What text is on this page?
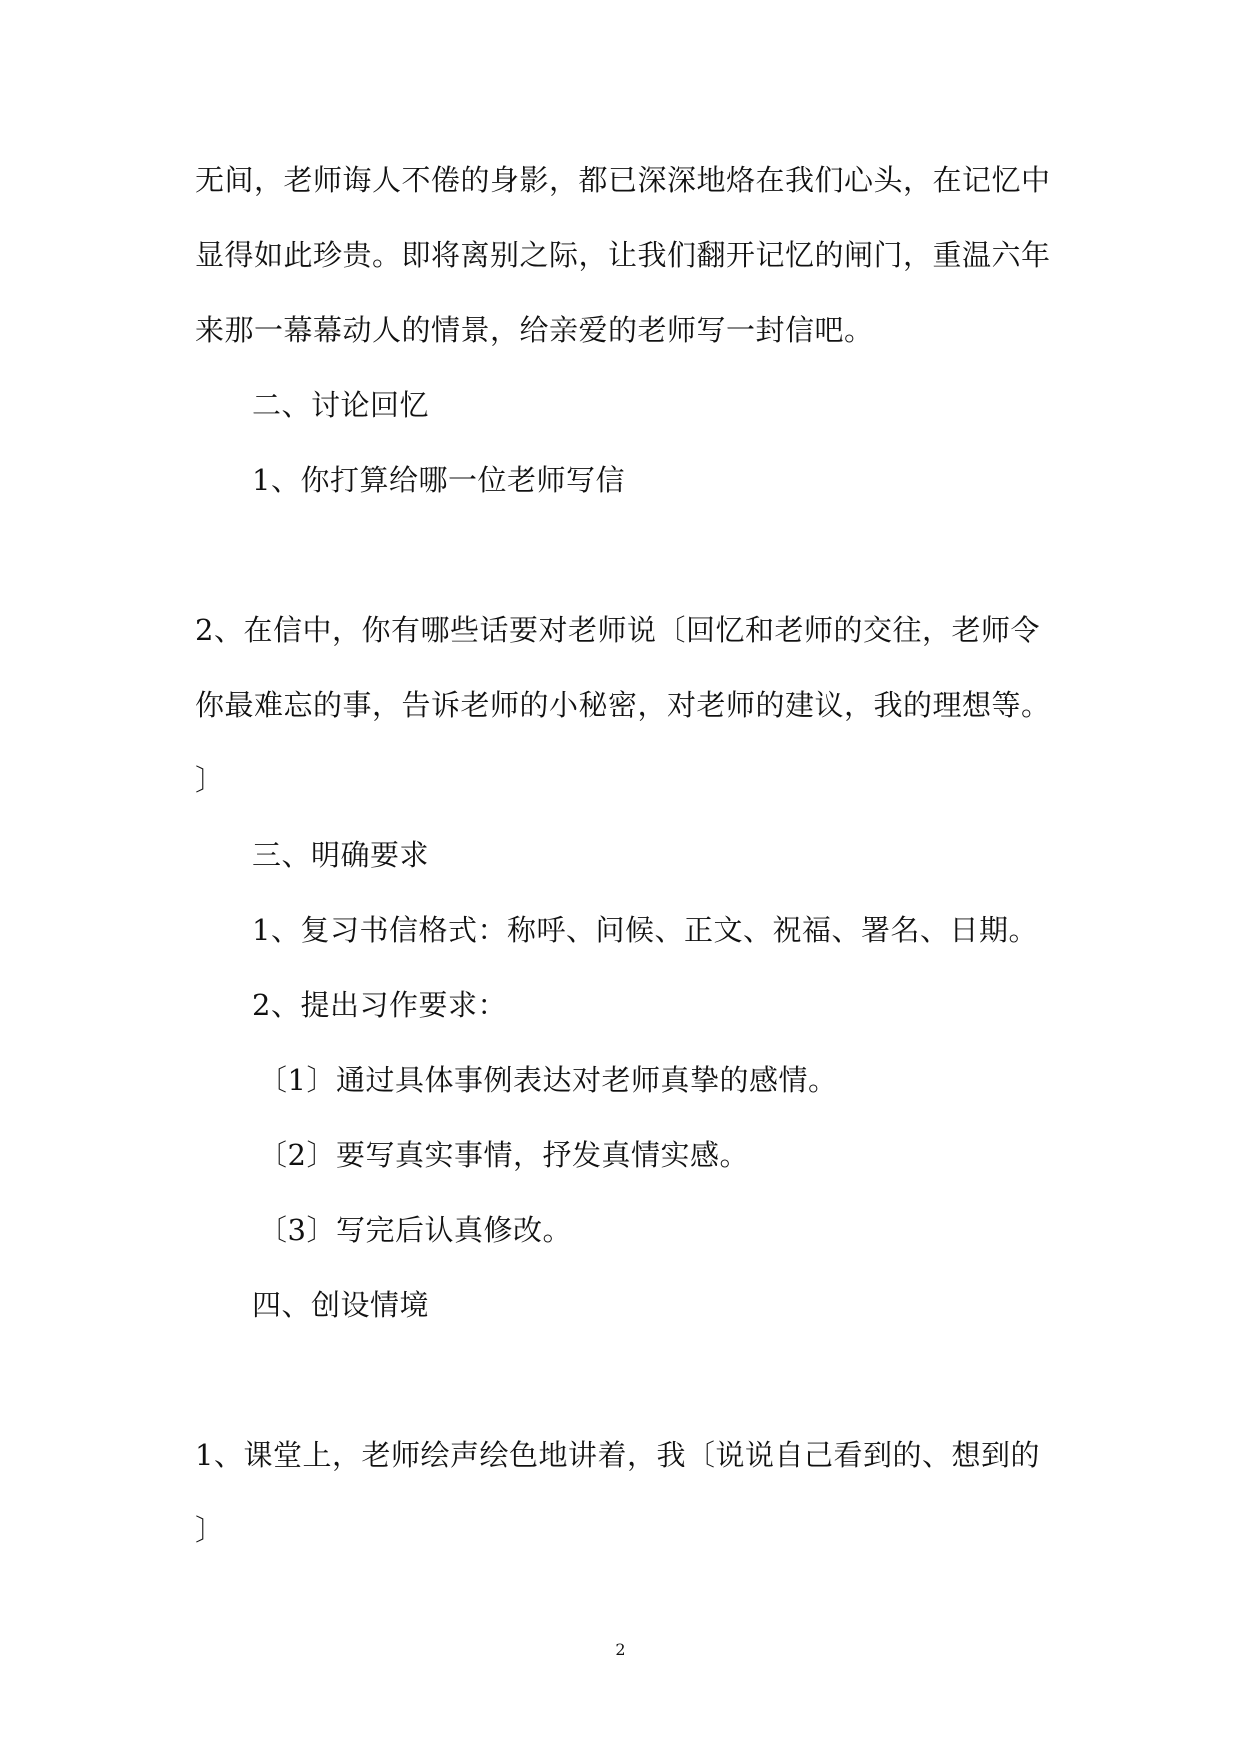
无间，老师诲人不倦的身影，都已深深地烙在我们心头，在记忆中
显得如此珍贵。即将离别之际，让我们翻开记忆的闸门，重温六年
来那一幕幕动人的情景，给亲爱的老师写一封信吧。
二、讨论回忆
1、你打算给哪一位老师写信
2、在信中，你有哪些话要对老师说〔回忆和老师的交往，老师令
你最难忘的事，告诉老师的小秘密，对老师的建议，我的理想等。
〕
三、明确要求
1、复习书信格式：称呼、问候、正文、祝福、署名、日期。
2、提出习作要求：
〔1〕通过具体事例表达对老师真挚的感情。
〔2〕要写真实事情，抒发真情实感。
〔3〕写完后认真修改。
四、创设情境
1、课堂上，老师绘声绘色地讲着，我〔说说自己看到的、想到的
〕
2
